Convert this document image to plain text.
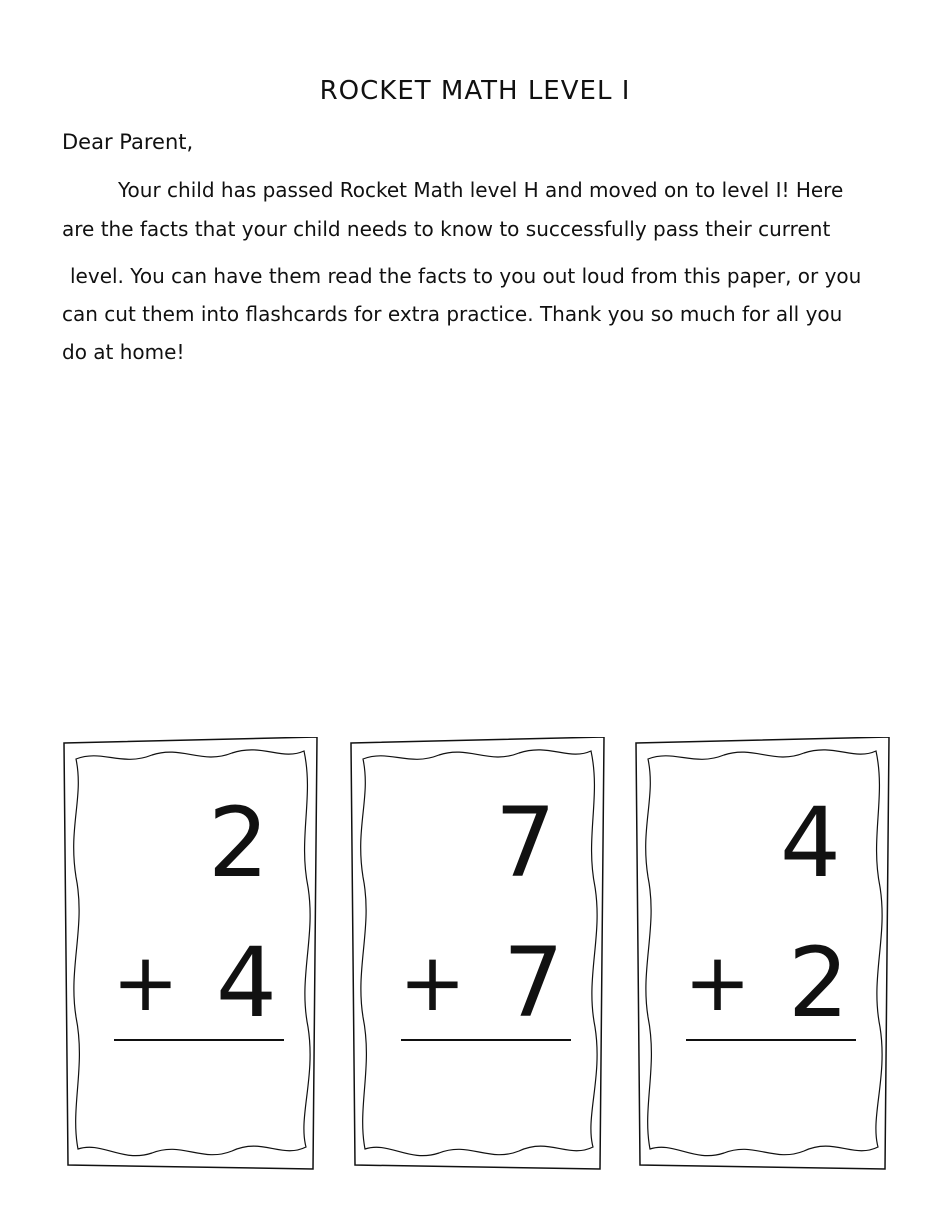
ROCKET MATH LEVEL I

Dear Parent,

Your child has passed Rocket Math level H and moved on to level I! Here

are the facts that your child needs to know to successfully pass their current

level. You can have them read the facts to you out loud from this paper, or you

can cut them into flashcards for extra practice. Thank you so much for all you

do at home!

2
+ 4
7
+ 7
4
+ 2
